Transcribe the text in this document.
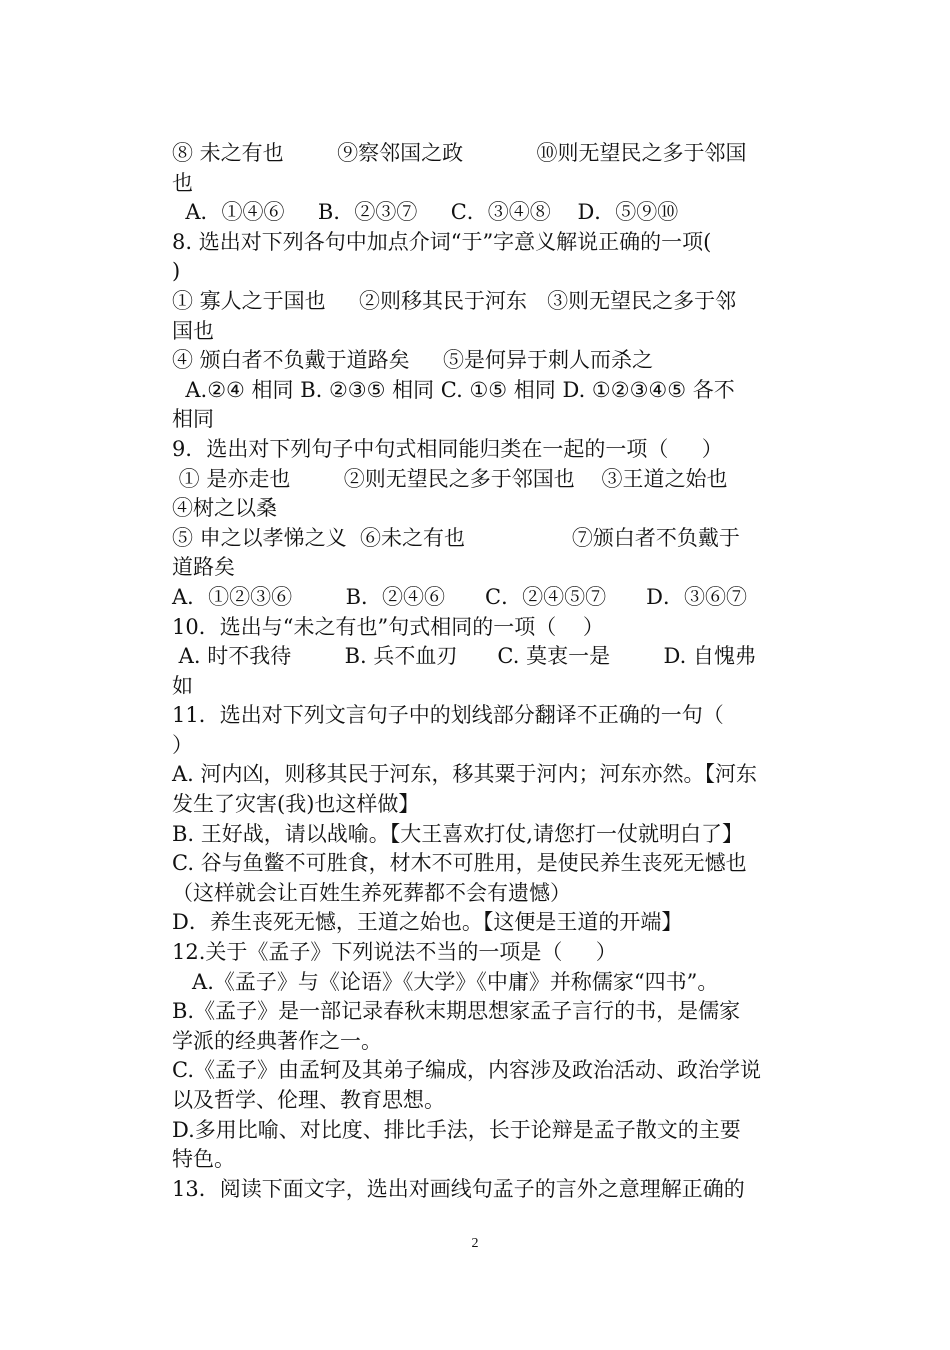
⑧ 未之有也        ⑨察邻国之政           ⑩则无望民之多于邻国
也
A．①④⑥     B．②③⑦     C．③④⑧    D．⑤⑨⑩
8. 选出对下列各句中加点介词“于”字意义解说正确的一项(
)
① 寡人之于国也     ②则移其民于河东   ③则无望民之多于邻
国也
④ 颁白者不负戴于道路矣     ⑤是何异于刺人而杀之
A.②④ 相同 B. ②③⑤ 相同 C. ①⑤ 相同 D. ①②③④⑤ 各不
相同
9．选出对下列句子中句式相同能归类在一起的一项（     ）
① 是亦走也        ②则无望民之多于邻国也    ③王道之始也
④树之以桑
⑤ 申之以孝悌之义  ⑥未之有也                ⑦颁白者不负戴于
道路矣
A．①②③⑥        B．②④⑥      C．②④⑤⑦      D．③⑥⑦
10．选出与“未之有也”句式相同的一项（    ）
A. 时不我待        B. 兵不血刃      C. 莫衷一是        D. 自愧弗
如
11．选出对下列文言句子中的划线部分翻译不正确的一句（
）
A. 河内凶，则移其民于河东，移其粟于河内；河东亦然。【河东
发生了灾害(我)也这样做】
B. 王好战，请以战喻。【大王喜欢打仗,请您打一仗就明白了】
C. 谷与鱼鳖不可胜食，材木不可胜用，是使民养生丧死无憾也
（这样就会让百姓生养死葬都不会有遗憾）
D．养生丧死无憾，王道之始也。【这便是王道的开端】
12.关于《孟子》下列说法不当的一项是（     ）
A.《孟子》与《论语》《大学》《中庸》并称儒家“四书”。
B.《孟子》是一部记录春秋末期思想家孟子言行的书，是儒家
学派的经典著作之一。
C.《孟子》由孟轲及其弟子编成，内容涉及政治活动、政治学说
以及哲学、伦理、教育思想。
D.多用比喻、对比度、排比手法，长于论辩是孟子散文的主要
特色。
13．阅读下面文字，选出对画线句孟子的言外之意理解正确的
2
